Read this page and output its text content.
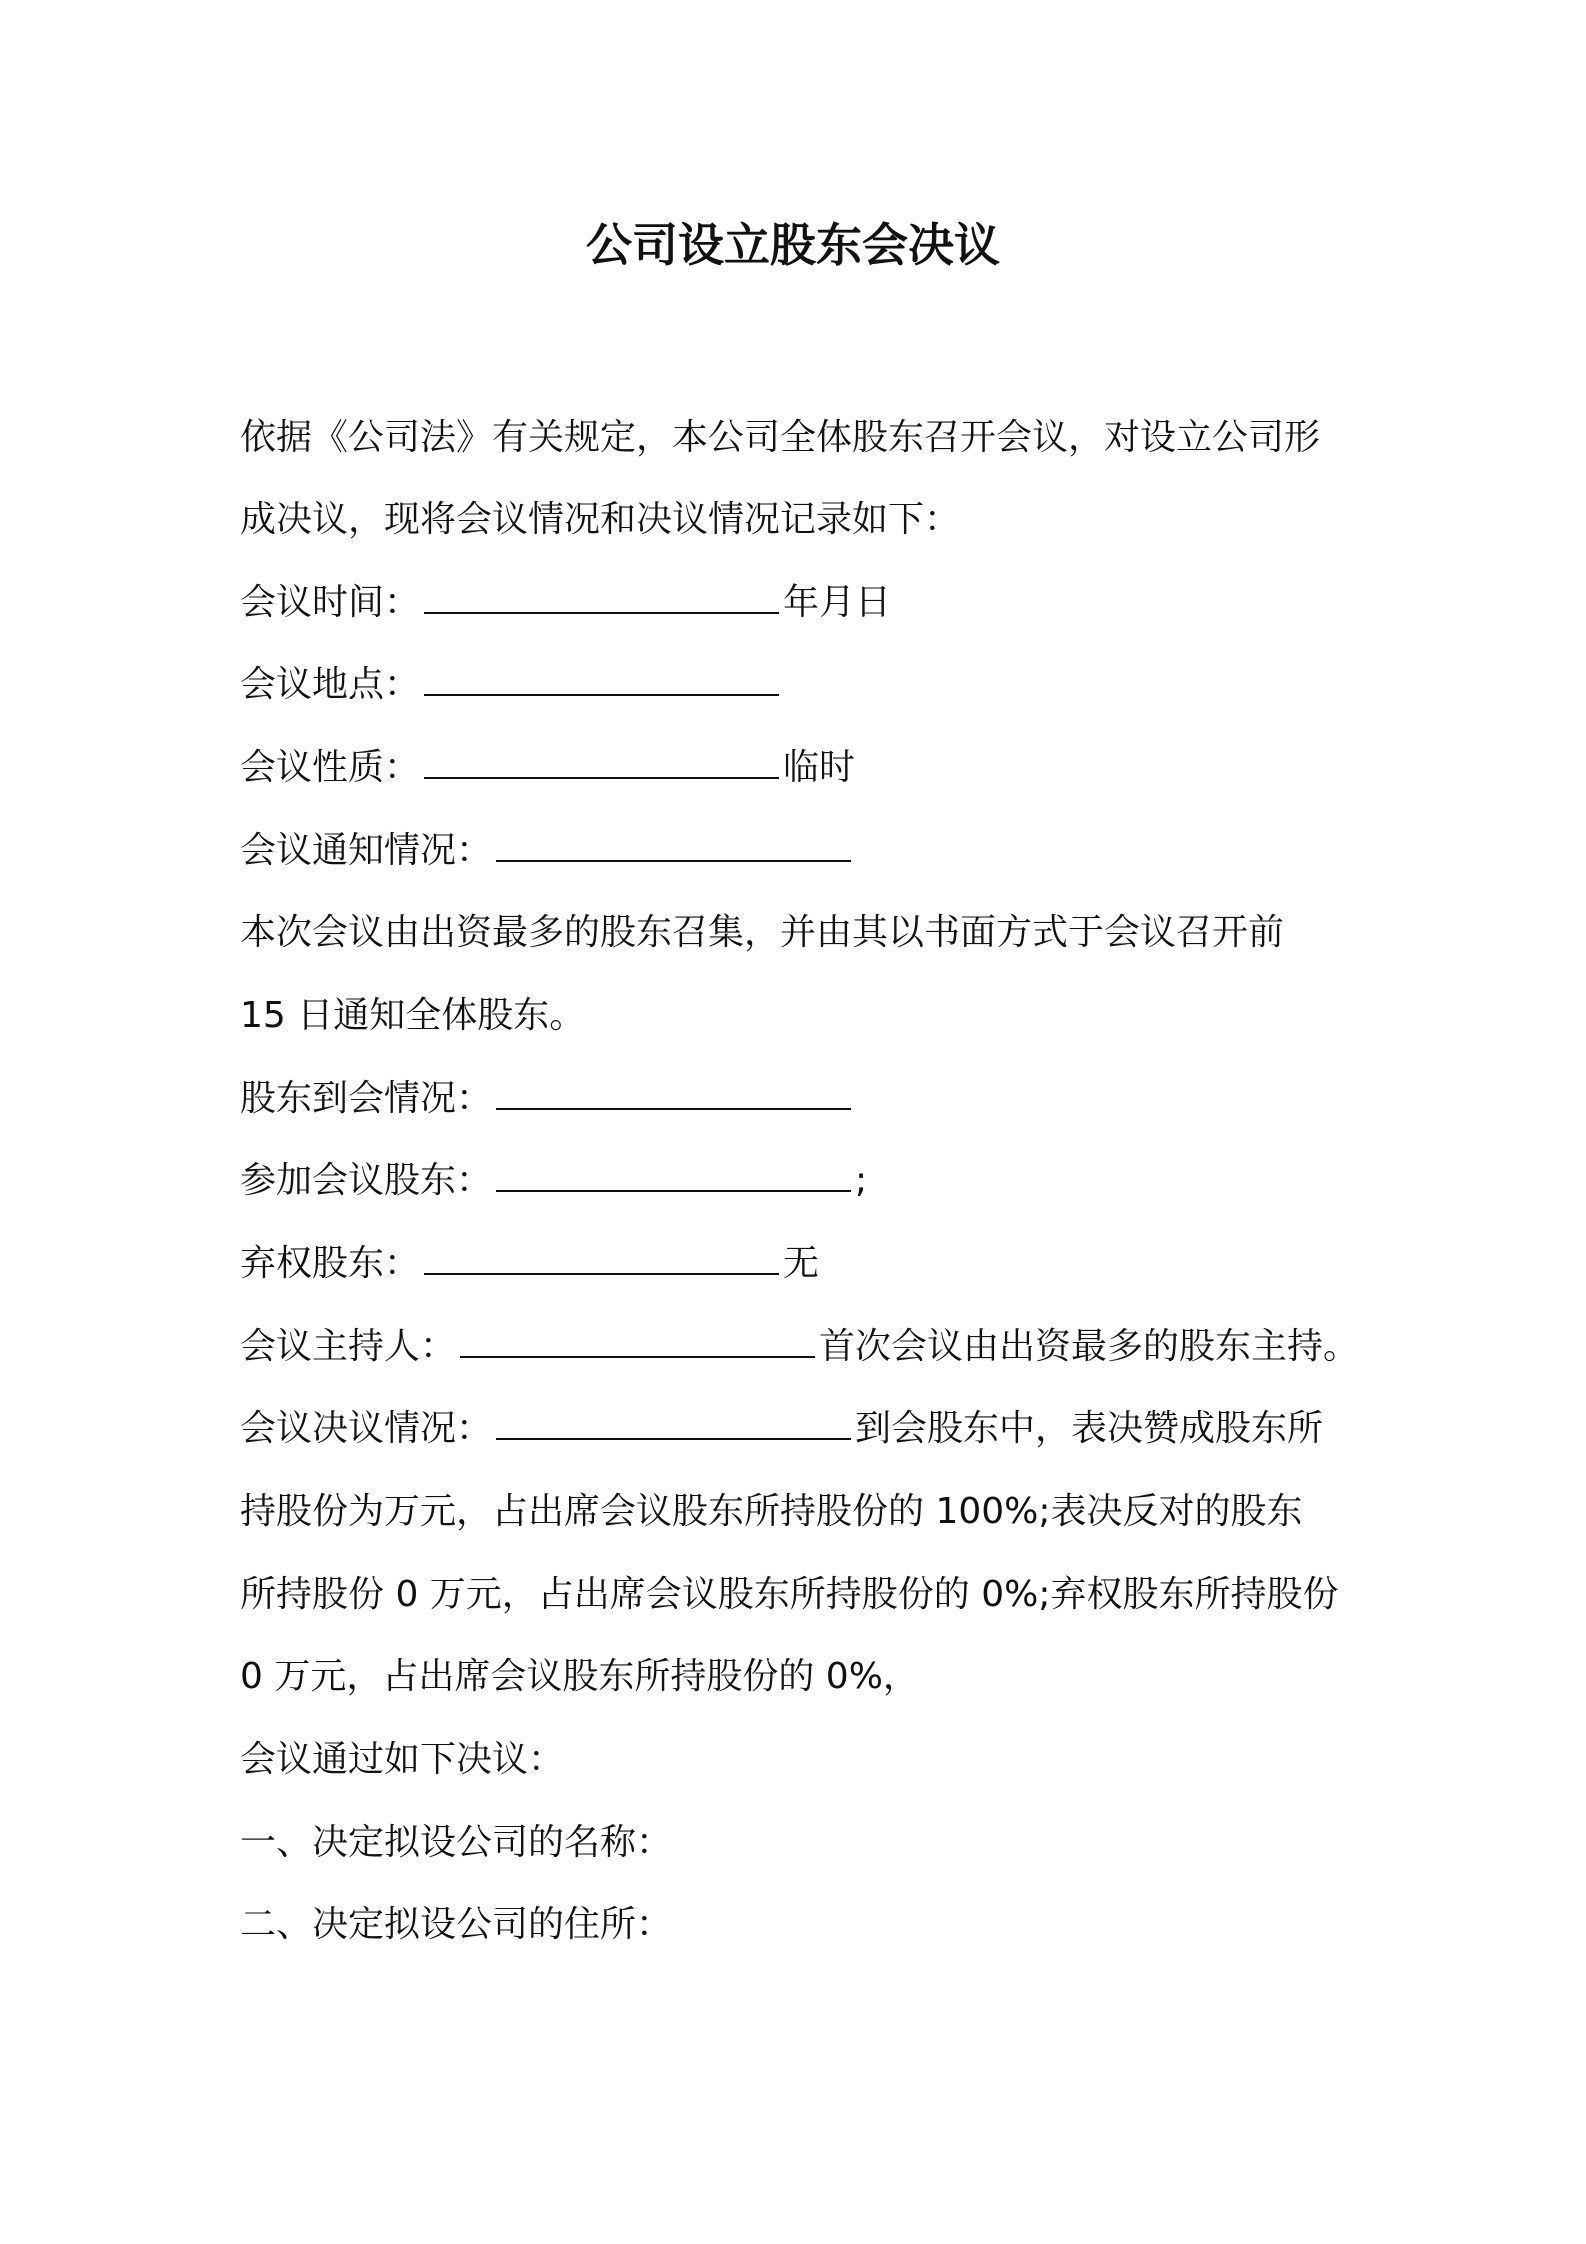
公司设立股东会决议
依据《公司法》有关规定，本公司全体股东召开会议，对设立公司形
成决议，现将会议情况和决议情况记录如下：
会议时间：	年月日
会议地点：
会议性质：	临时
会议通知情况：
本次会议由出资最多的股东召集，并由其以书面方式于会议召开前
15 日通知全体股东。
股东到会情况：
参加会议股东：	;
弃权股东：	无
会议主持人：	首次会议由出资最多的股东主持。
会议决议情况：	到会股东中，表决赞成股东所
持股份为万元，占出席会议股东所持股份的 100%;表决反对的股东
所持股份 0 万元，占出席会议股东所持股份的 0%;弃权股东所持股份
0 万元，占出席会议股东所持股份的 0%，
会议通过如下决议：
一、决定拟设公司的名称：
二、决定拟设公司的住所：
